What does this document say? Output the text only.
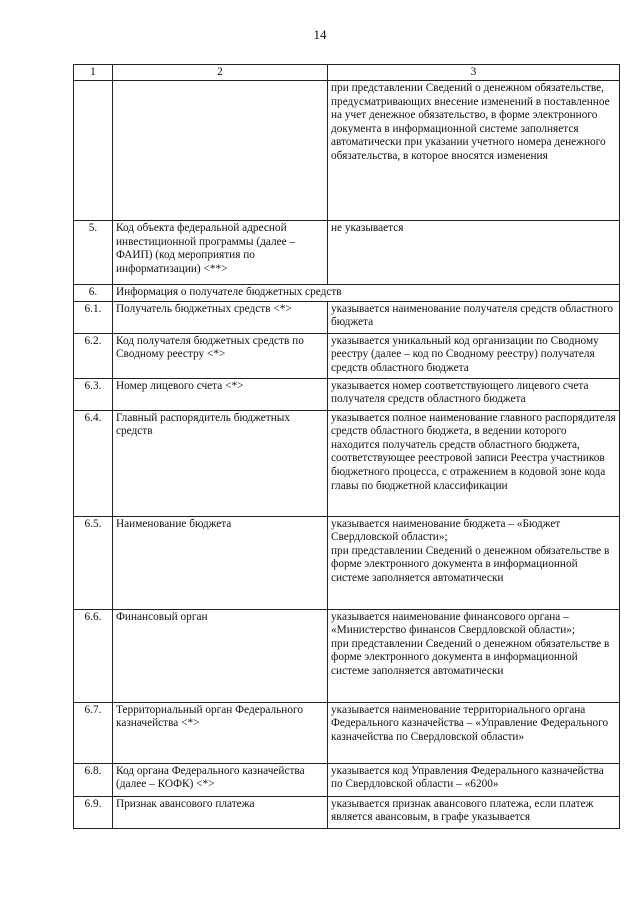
14
1	2	3
		при представлении Сведений о денежном обязательстве, предусматривающих внесение изменений в поставленное на учет денежное обязательство, в форме электронного документа в информационной системе заполняется автоматически при указании учетного номера денежного обязательства, в которое вносятся изменения
5.	Код объекта федеральной адресной инвестиционной программы (далее – ФАИП) (код мероприятия по информатизации) <**>	не указывается
6.	Информация о получателе бюджетных средств	
6.1.	Получатель бюджетных средств <*>	указывается наименование получателя средств областного бюджета
6.2.	Код получателя бюджетных средств по Сводному реестру <*>	указывается уникальный код организации по Сводному реестру (далее – код по Сводному реестру) получателя средств областного бюджета
6.3.	Номер лицевого счета <*>	указывается номер соответствующего лицевого счета получателя средств областного бюджета
6.4.	Главный распорядитель бюджетных средств	указывается полное наименование главного распорядителя средств областного бюджета, в ведении которого находится получатель средств областного бюджета, соответствующее реестровой записи Реестра участников бюджетного процесса, с отражением в кодовой зоне кода главы по бюджетной классификации
6.5.	Наименование бюджета	указывается наименование бюджета – «Бюджет Свердловской области»;
при представлении Сведений о денежном обязательстве в форме электронного документа в информационной системе заполняется автоматически
6.6.	Финансовый орган	указывается наименование финансового органа – «Министерство финансов Свердловской области»;
при представлении Сведений о денежном обязательстве в форме электронного документа в информационной системе заполняется автоматически
6.7.	Территориальный орган Федерального казначейства <*>	указывается наименование территориального органа Федерального казначейства – «Управление Федерального казначейства по Свердловской области»
6.8.	Код органа Федерального казначейства (далее – КОФК) <*>	указывается код Управления Федерального казначейства по Свердловской области – «6200»
6.9.	Признак авансового платежа	указывается признак авансового платежа, если платеж является авансовым, в графе указывается
